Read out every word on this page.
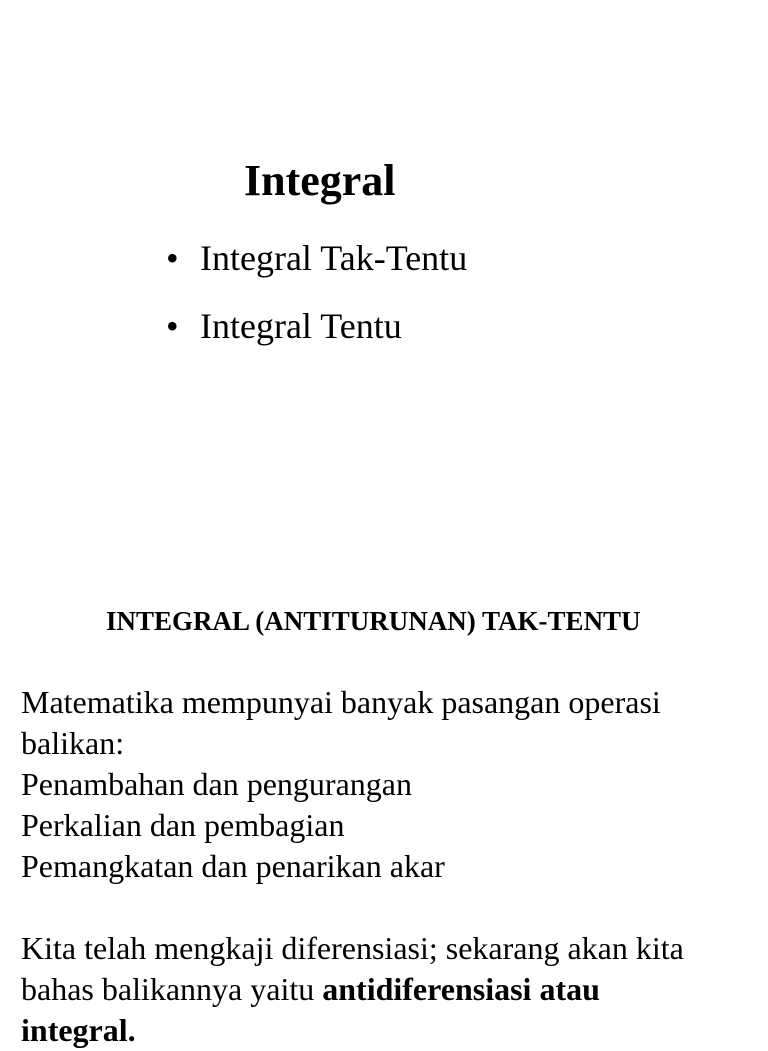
Integral
• Integral Tak-Tentu
• Integral Tentu
INTEGRAL (ANTITURUNAN) TAK-TENTU
Matematika mempunyai banyak pasangan operasi
balikan:
Penambahan dan pengurangan
Perkalian dan pembagian
Pemangkatan dan penarikan akar
Kita telah mengkaji diferensiasi; sekarang akan kita
bahas balikannya yaitu antidiferensiasi atau
integral.
